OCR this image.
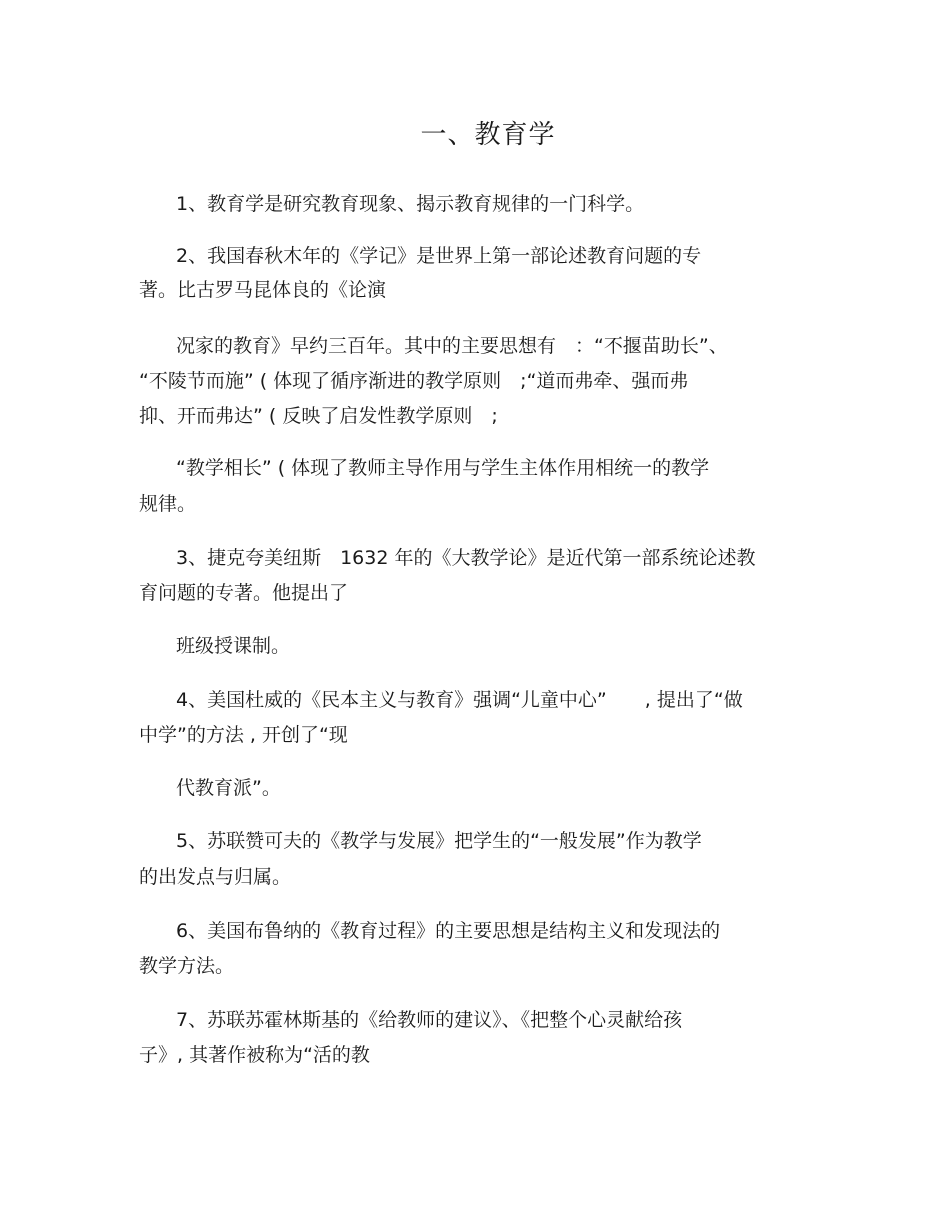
一、教育学
1、教育学是研究教育现象、揭示教育规律的一门科学。
2、我国春秋木年的《学记》是世界上第一部论述教育问题的专
著。比古罗马昆体良的《论演
况家的教育》早约三百年。其中的主要思想有　：“不揠苗助长”、
“不陵节而施” ( 体现了循序渐进的教学原则　;“道而弗牵、强而弗
抑、开而弗达” ( 反映了启发性教学原则　;
“教学相长” ( 体现了教师主导作用与学生主体作用相统一的教学
规律。
3、捷克夸美纽斯　1632 年的《大教学论》是近代第一部系统论述教
育问题的专著。他提出了
班级授课制。
4、美国杜威的《民本主义与教育》强调“儿童中心”　　, 提出了“做
中学”的方法 , 开创了“现
代教育派”。
5、苏联赞可夫的《教学与发展》把学生的“一般发展”作为教学
的出发点与归属。
6、美国布鲁纳的《教育过程》的主要思想是结构主义和发现法的
教学方法。
7、苏联苏霍林斯基的《给教师的建议》、《把整个心灵献给孩
子》, 其著作被称为“活的教
